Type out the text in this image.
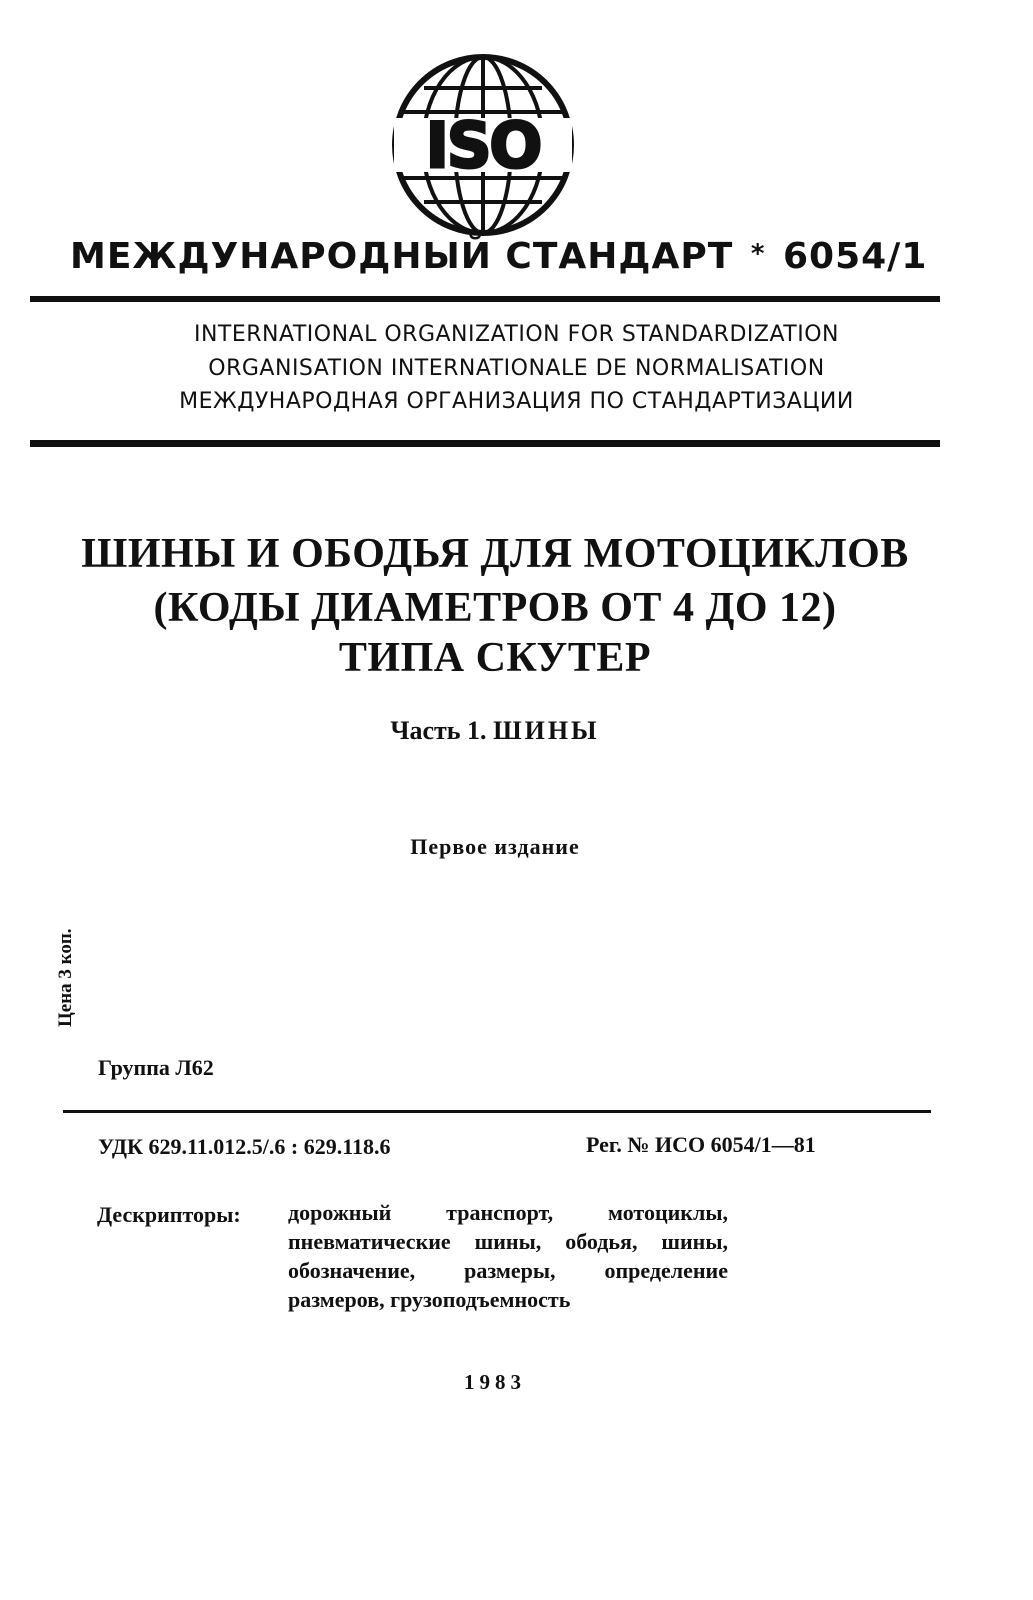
ISO
МЕЖДУНАРОДНЫЙ СТАНДАРТ * 6054/1
INTERNATIONAL ORGANIZATION FOR STANDARDIZATION
ORGANISATION INTERNATIONALE DE NORMALISATION
МЕЖДУНАРОДНАЯ ОРГАНИЗАЦИЯ ПО СТАНДАРТИЗАЦИИ
ШИНЫ И ОБОДЬЯ ДЛЯ МОТОЦИКЛОВ
(КОДЫ ДИАМЕТРОВ ОТ 4 ДО 12)
ТИПА СКУТЕР
Часть 1. ШИНЫ
Первое издание
Цена 3 коп.
Группа Л62
УДК 629.11.012.5/.6 : 629.118.6	Рег. № ИСО 6054/1—81
Дескрипторы: дорожный транспорт, мотоциклы, пневматические шины, ободья, шины, обозначение, размеры, определение размеров, грузоподъемность
1983
